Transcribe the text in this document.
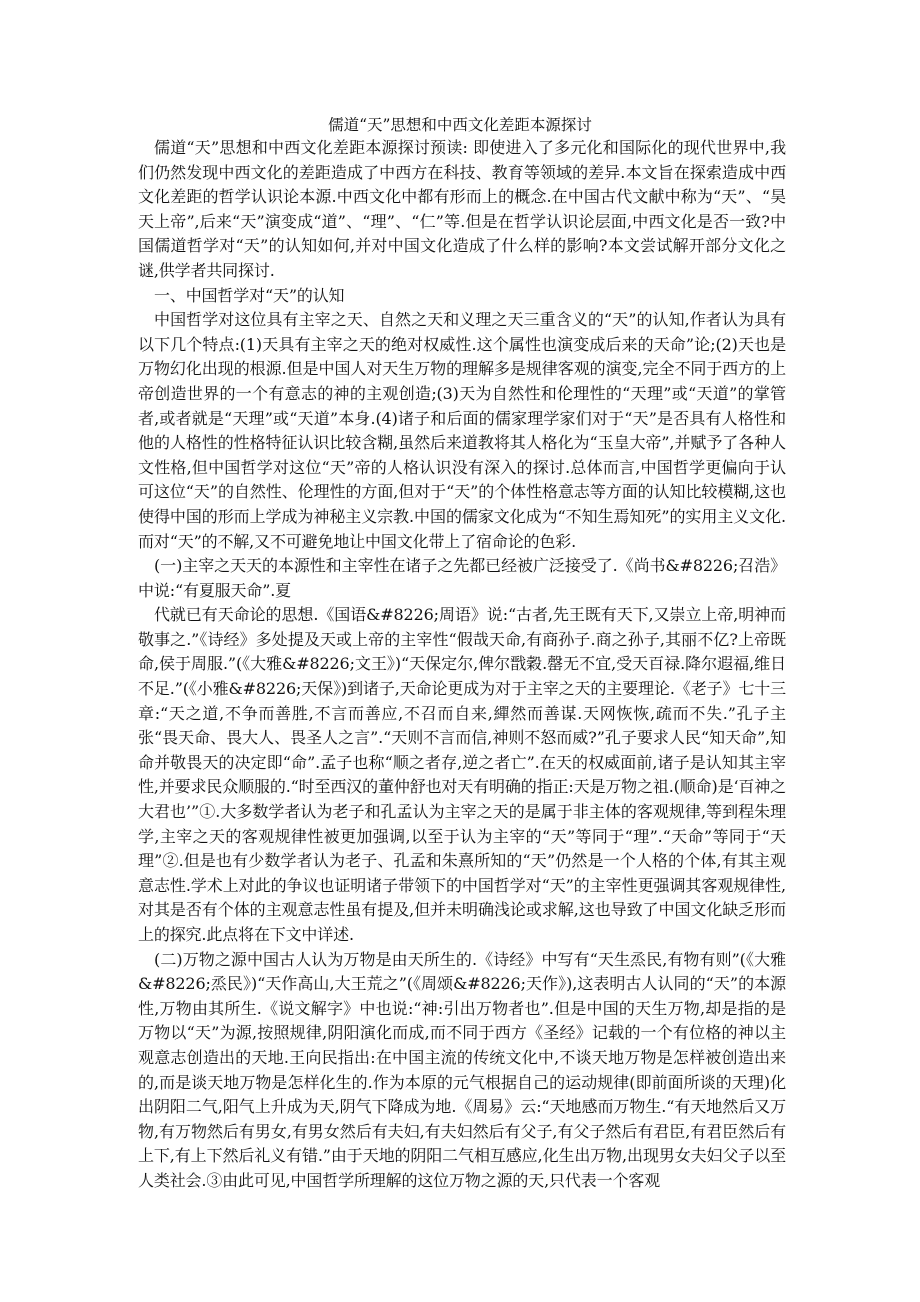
儒道“天”思想和中西文化差距本源探讨

儒道“天”思想和中西文化差距本源探讨预读: 即使进入了多元化和国际化的现代世界中,我们仍然发现中西文化的差距造成了中西方在科技、教育等领域的差异.本文旨在探索造成中西文化差距的哲学认识论本源.中西文化中都有形而上的概念.在中国古代文献中称为“天”、“昊天上帝”,后来“天”演变成“道”、“理”、“仁”等.但是在哲学认识论层面,中西文化是否一致?中国儒道哲学对“天”的认知如何,并对中国文化造成了什么样的影响?本文尝试解开部分文化之谜,供学者共同探讨.

一、中国哲学对“天”的认知

中国哲学对这位具有主宰之天、自然之天和义理之天三重含义的“天”的认知,作者认为具有以下几个特点:(1)天具有主宰之天的绝对权威性.这个属性也演变成后来的天命”论;(2)天也是万物幻化出现的根源.但是中国人对天生万物的理解多是规律客观的演变,完全不同于西方的上帝创造世界的一个有意志的神的主观创造;(3)天为自然性和伦理性的“天理”或“天道”的掌管者,或者就是“天理”或“天道”本身.(4)诸子和后面的儒家理学家们对于“天”是否具有人格性和他的人格性的性格特征认识比较含糊,虽然后来道教将其人格化为“玉皇大帝”,并赋予了各种人文性格,但中国哲学对这位“天”帝的人格认识没有深入的探讨.总体而言,中国哲学更偏向于认可这位“天”的自然性、伦理性的方面,但对于“天”的个体性格意志等方面的认知比较模糊,这也使得中国的形而上学成为神秘主义宗教.中国的儒家文化成为“不知生焉知死”的实用主义文化.而对“天”的不解,又不可避免地让中国文化带上了宿命论的色彩.

(一)主宰之天天的本源性和主宰性在诸子之先都已经被广泛接受了.《尚书&#8226;召浩》中说:“有夏服天命”.夏

代就已有天命论的思想.《国语&#8226;周语》说:“古者,先王既有天下,又崇立上帝,明神而敬事之.”《诗经》多处提及天或上帝的主宰性“假哉天命,有商孙子.商之孙子,其丽不亿?上帝既命,侯于周服.”(《大雅&#8226;文王》)“天保定尔,俾尔戬穀.罄无不宜,受天百禄.降尔遐福,维日不足.”(《小雅&#8226;天保》)到诸子,天命论更成为对于主宰之天的主要理论.《老子》七十三章:“天之道,不争而善胜,不言而善应,不召而自来,繟然而善谋.天网恢恢,疏而不失.”孔子主张“畏天命、畏大人、畏圣人之言”.“天则不言而信,神则不怒而威?”孔子要求人民“知天命”,知命并敬畏天的决定即“命”.孟子也称“顺之者存,逆之者亡”.在天的权威面前,诸子是认知其主宰性,并要求民众顺服的.“时至西汉的董仲舒也对天有明确的指正:天是万物之祖.(顺命)是‘百神之大君也’”①.大多数学者认为老子和孔孟认为主宰之天的是属于非主体的客观规律,等到程朱理学,主宰之天的客观规律性被更加强调,以至于认为主宰的“天”等同于“理”.“天命”等同于“天理”②.但是也有少数学者认为老子、孔孟和朱熹所知的“天”仍然是一个人格的个体,有其主观意志性.学术上对此的争议也证明诸子带领下的中国哲学对“天”的主宰性更强调其客观规律性,对其是否有个体的主观意志性虽有提及,但并未明确浅论或求解,这也导致了中国文化缺乏形而上的探究.此点将在下文中详述.

(二)万物之源中国古人认为万物是由天所生的.《诗经》中写有“天生烝民,有物有则”(《大雅&#8226;烝民》)“天作高山,大王荒之”(《周颂&#8226;天作》),这表明古人认同的“天”的本源性,万物由其所生.《说文解字》中也说:“神:引出万物者也”.但是中国的天生万物,却是指的是万物以“天”为源,按照规律,阴阳演化而成,而不同于西方《圣经》记载的一个有位格的神以主观意志创造出的天地.王向民指出:在中国主流的传统文化中,不谈天地万物是怎样被创造出来的,而是谈天地万物是怎样化生的.作为本原的元气根据自己的运动规律(即前面所谈的天理)化出阴阳二气,阳气上升成为天,阴气下降成为地.《周易》云:“天地感而万物生.“有天地然后又万物,有万物然后有男女,有男女然后有夫妇,有夫妇然后有父子,有父子然后有君臣,有君臣然后有上下,有上下然后礼义有错.”由于天地的阴阳二气相互感应,化生出万物,出现男女夫妇父子以至人类社会.③由此可见,中国哲学所理解的这位万物之源的天,只代表一个客观
